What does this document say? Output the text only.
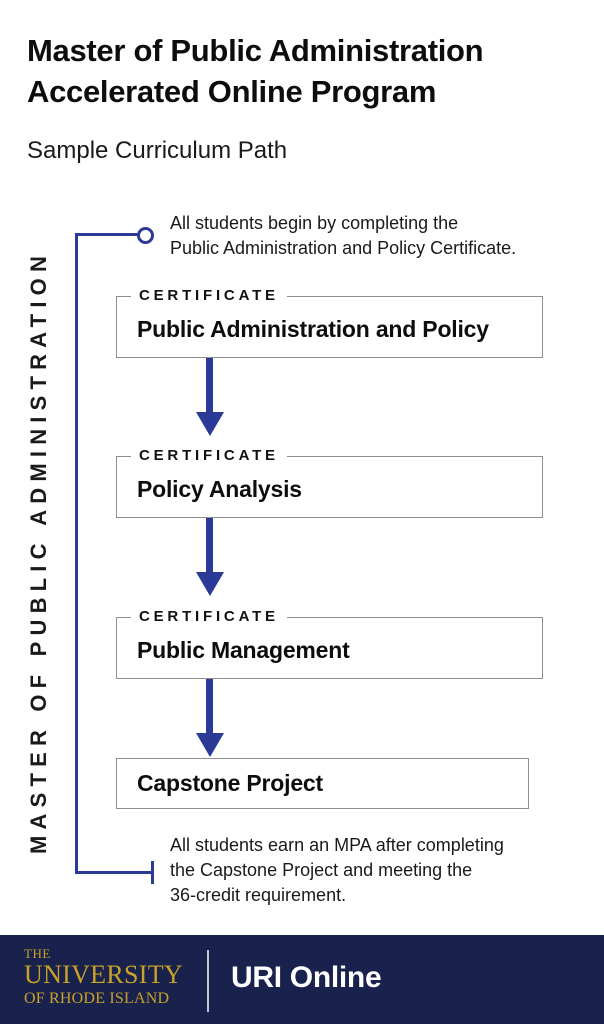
Master of Public Administration
Accelerated Online Program
Sample Curriculum Path
MASTER OF PUBLIC ADMINISTRATION
All students begin by completing the
Public Administration and Policy Certificate.
CERTIFICATE
Public Administration and Policy
CERTIFICATE
Policy Analysis
CERTIFICATE
Public Management
Capstone Project
All students earn an MPA after completing
the Capstone Project and meeting the
36-credit requirement.
THE
UNIVERSITY
OF RHODE ISLAND
URI Online
